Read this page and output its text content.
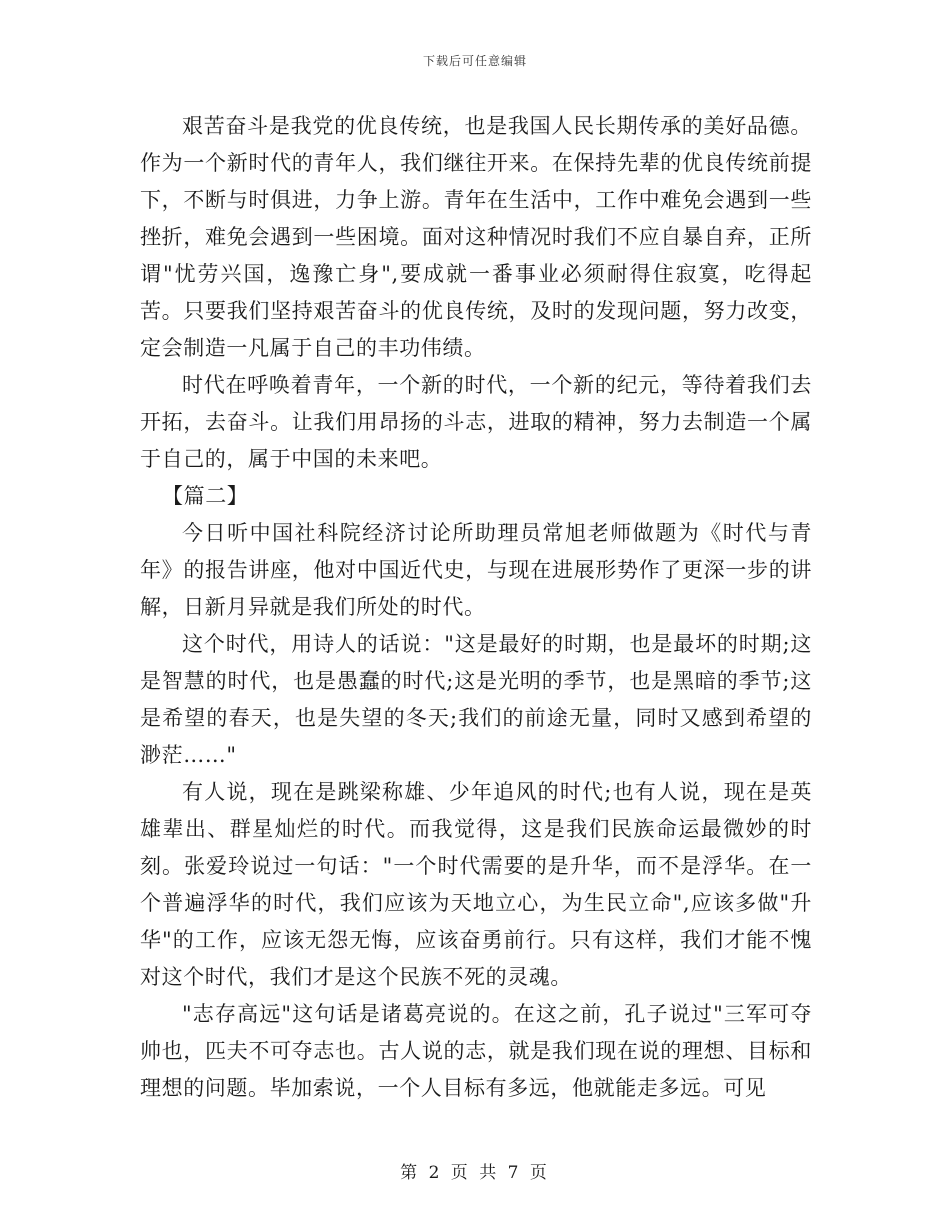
下载后可任意编辑

艰苦奋斗是我党的优良传统，也是我国人民长期传承的美好品德。作为一个新时代的青年人，我们继往开来。在保持先辈的优良传统前提下，不断与时俱进，力争上游。青年在生活中，工作中难免会遇到一些挫折，难免会遇到一些困境。面对这种情况时我们不应自暴自弃，正所谓"忧劳兴国，逸豫亡身",要成就一番事业必须耐得住寂寞，吃得起苦。只要我们坚持艰苦奋斗的优良传统，及时的发现问题，努力改变，定会制造一凡属于自己的丰功伟绩。

时代在呼唤着青年，一个新的时代，一个新的纪元，等待着我们去开拓，去奋斗。让我们用昂扬的斗志，进取的精神，努力去制造一个属于自己的，属于中国的未来吧。

【篇二】

今日听中国社科院经济讨论所助理员常旭老师做题为《时代与青年》的报告讲座，他对中国近代史，与现在进展形势作了更深一步的讲解，日新月异就是我们所处的时代。

这个时代，用诗人的话说："这是最好的时期，也是最坏的时期;这是智慧的时代，也是愚蠢的时代;这是光明的季节，也是黑暗的季节;这是希望的春天，也是失望的冬天;我们的前途无量，同时又感到希望的渺茫……"

有人说，现在是跳梁称雄、少年追风的时代;也有人说，现在是英雄辈出、群星灿烂的时代。而我觉得，这是我们民族命运最微妙的时刻。张爱玲说过一句话："一个时代需要的是升华，而不是浮华。在一个普遍浮华的时代，我们应该为天地立心，为生民立命",应该多做"升华"的工作，应该无怨无悔，应该奋勇前行。只有这样，我们才能不愧对这个时代，我们才是这个民族不死的灵魂。

"志存高远"这句话是诸葛亮说的。在这之前，孔子说过"三军可夺帅也，匹夫不可夺志也。古人说的志，就是我们现在说的理想、目标和理想的问题。毕加索说，一个人目标有多远，他就能走多远。可见

第 2 页 共 7 页
